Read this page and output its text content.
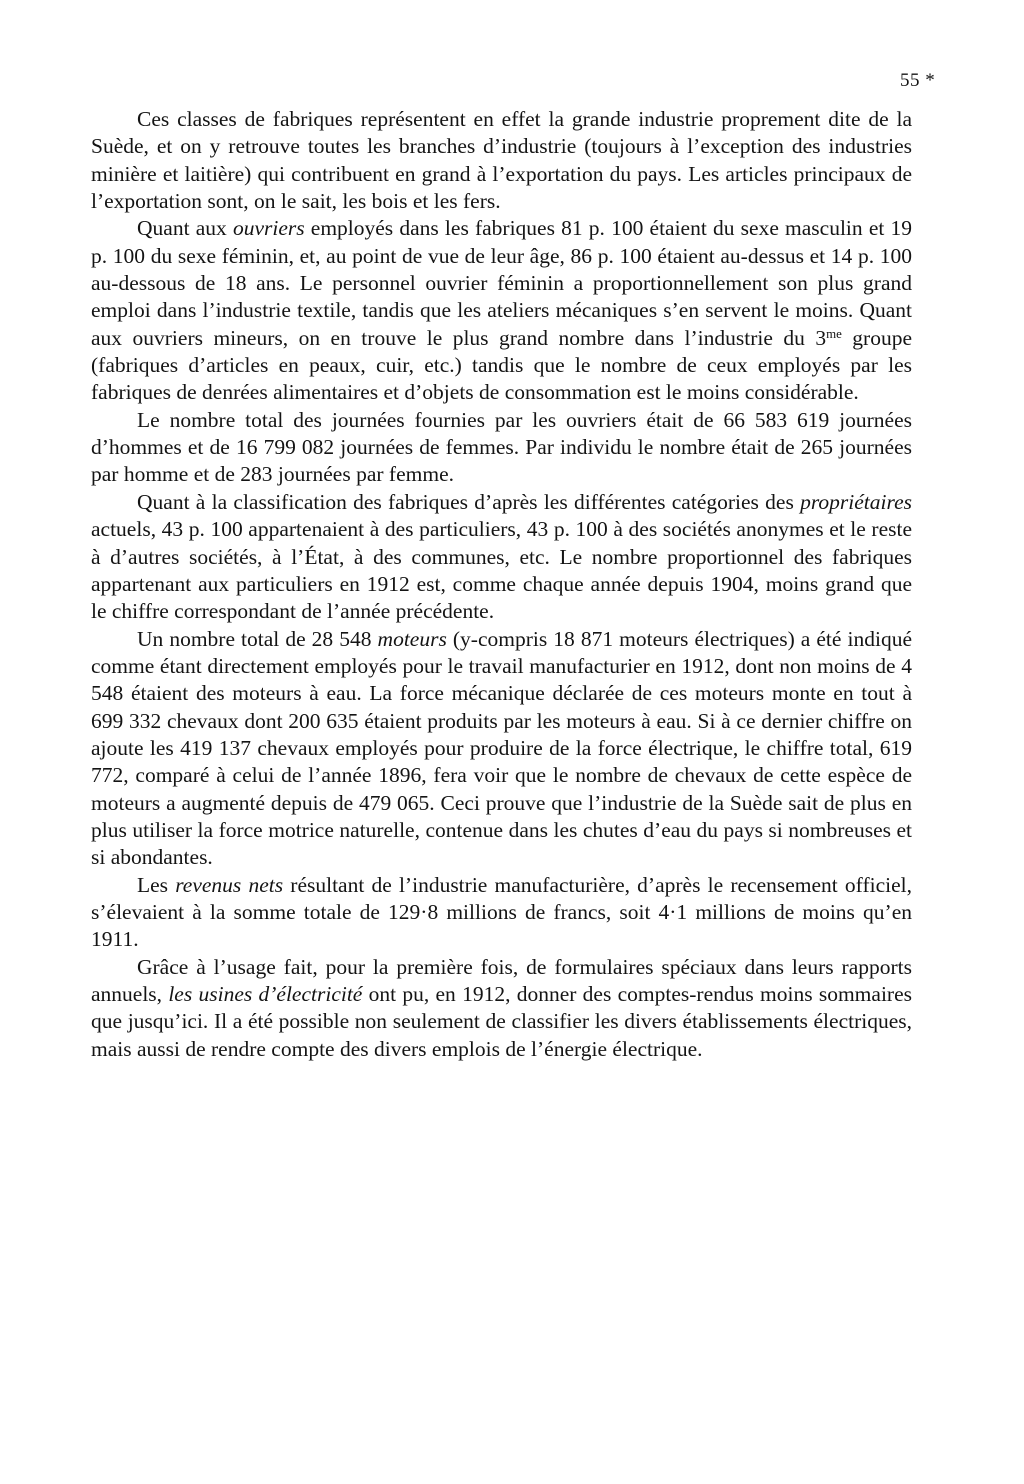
55 *

Ces classes de fabriques représentent en effet la grande industrie proprement dite de la Suède, et on y retrouve toutes les branches d’industrie (toujours à l’exception des industries minière et laitière) qui contribuent en grand à l’exportation du pays. Les articles principaux de l’exportation sont, on le sait, les bois et les fers.

Quant aux ouvriers employés dans les fabriques 81 p. 100 étaient du sexe masculin et 19 p. 100 du sexe féminin, et, au point de vue de leur âge, 86 p. 100 étaient au-dessus et 14 p. 100 au-dessous de 18 ans. Le personnel ouvrier féminin a proportionnellement son plus grand emploi dans l’industrie textile, tandis que les ateliers mécaniques s’en servent le moins. Quant aux ouvriers mineurs, on en trouve le plus grand nombre dans l’industrie du $3^{me}$ groupe (fabriques d’articles en peaux, cuir, etc.) tandis que le nombre de ceux employés par les fabriques de denrées alimentaires et d’objets de consommation est le moins considérable.

Le nombre total des journées fournies par les ouvriers était de 66 583 619 journées d’hommes et de 16 799 082 journées de femmes. Par individu le nombre était de 265 journées par homme et de 283 journées par femme.

Quant à la classification des fabriques d’après les différentes catégories des propriétaires actuels, 43 p. 100 appartenaient à des particuliers, 43 p. 100 à des sociétés anonymes et le reste à d’autres sociétés, à l’État, à des communes, etc. Le nombre proportionnel des fabriques appartenant aux particuliers en 1912 est, comme chaque année depuis 1904, moins grand que le chiffre correspondant de l’année précédente.

Un nombre total de 28 548 moteurs (y-compris 18 871 moteurs électriques) a été indiqué comme étant directement employés pour le travail manufacturier en 1912, dont non moins de 4 548 étaient des moteurs à eau. La force mécanique déclarée de ces moteurs monte en tout à 699 332 chevaux dont 200 635 étaient produits par les moteurs à eau. Si à ce dernier chiffre on ajoute les 419 137 chevaux employés pour produire de la force électrique, le chiffre total, 619 772, comparé à celui de l’année 1896, fera voir que le nombre de chevaux de cette espèce de moteurs a augmenté depuis de 479 065. Ceci prouve que l’industrie de la Suède sait de plus en plus utiliser la force motrice naturelle, contenue dans les chutes d’eau du pays si nombreuses et si abondantes.

Les revenus nets résultant de l’industrie manufacturière, d’après le recensement officiel, s’élevaient à la somme totale de 129·8 millions de francs, soit 4·1 millions de moins qu’en 1911.

Grâce à l’usage fait, pour la première fois, de formulaires spéciaux dans leurs rapports annuels, les usines d’électricité ont pu, en 1912, donner des comptes-rendus moins sommaires que jusqu’ici. Il a été possible non seulement de classifier les divers établissements électriques, mais aussi de rendre compte des divers emplois de l’énergie électrique.
